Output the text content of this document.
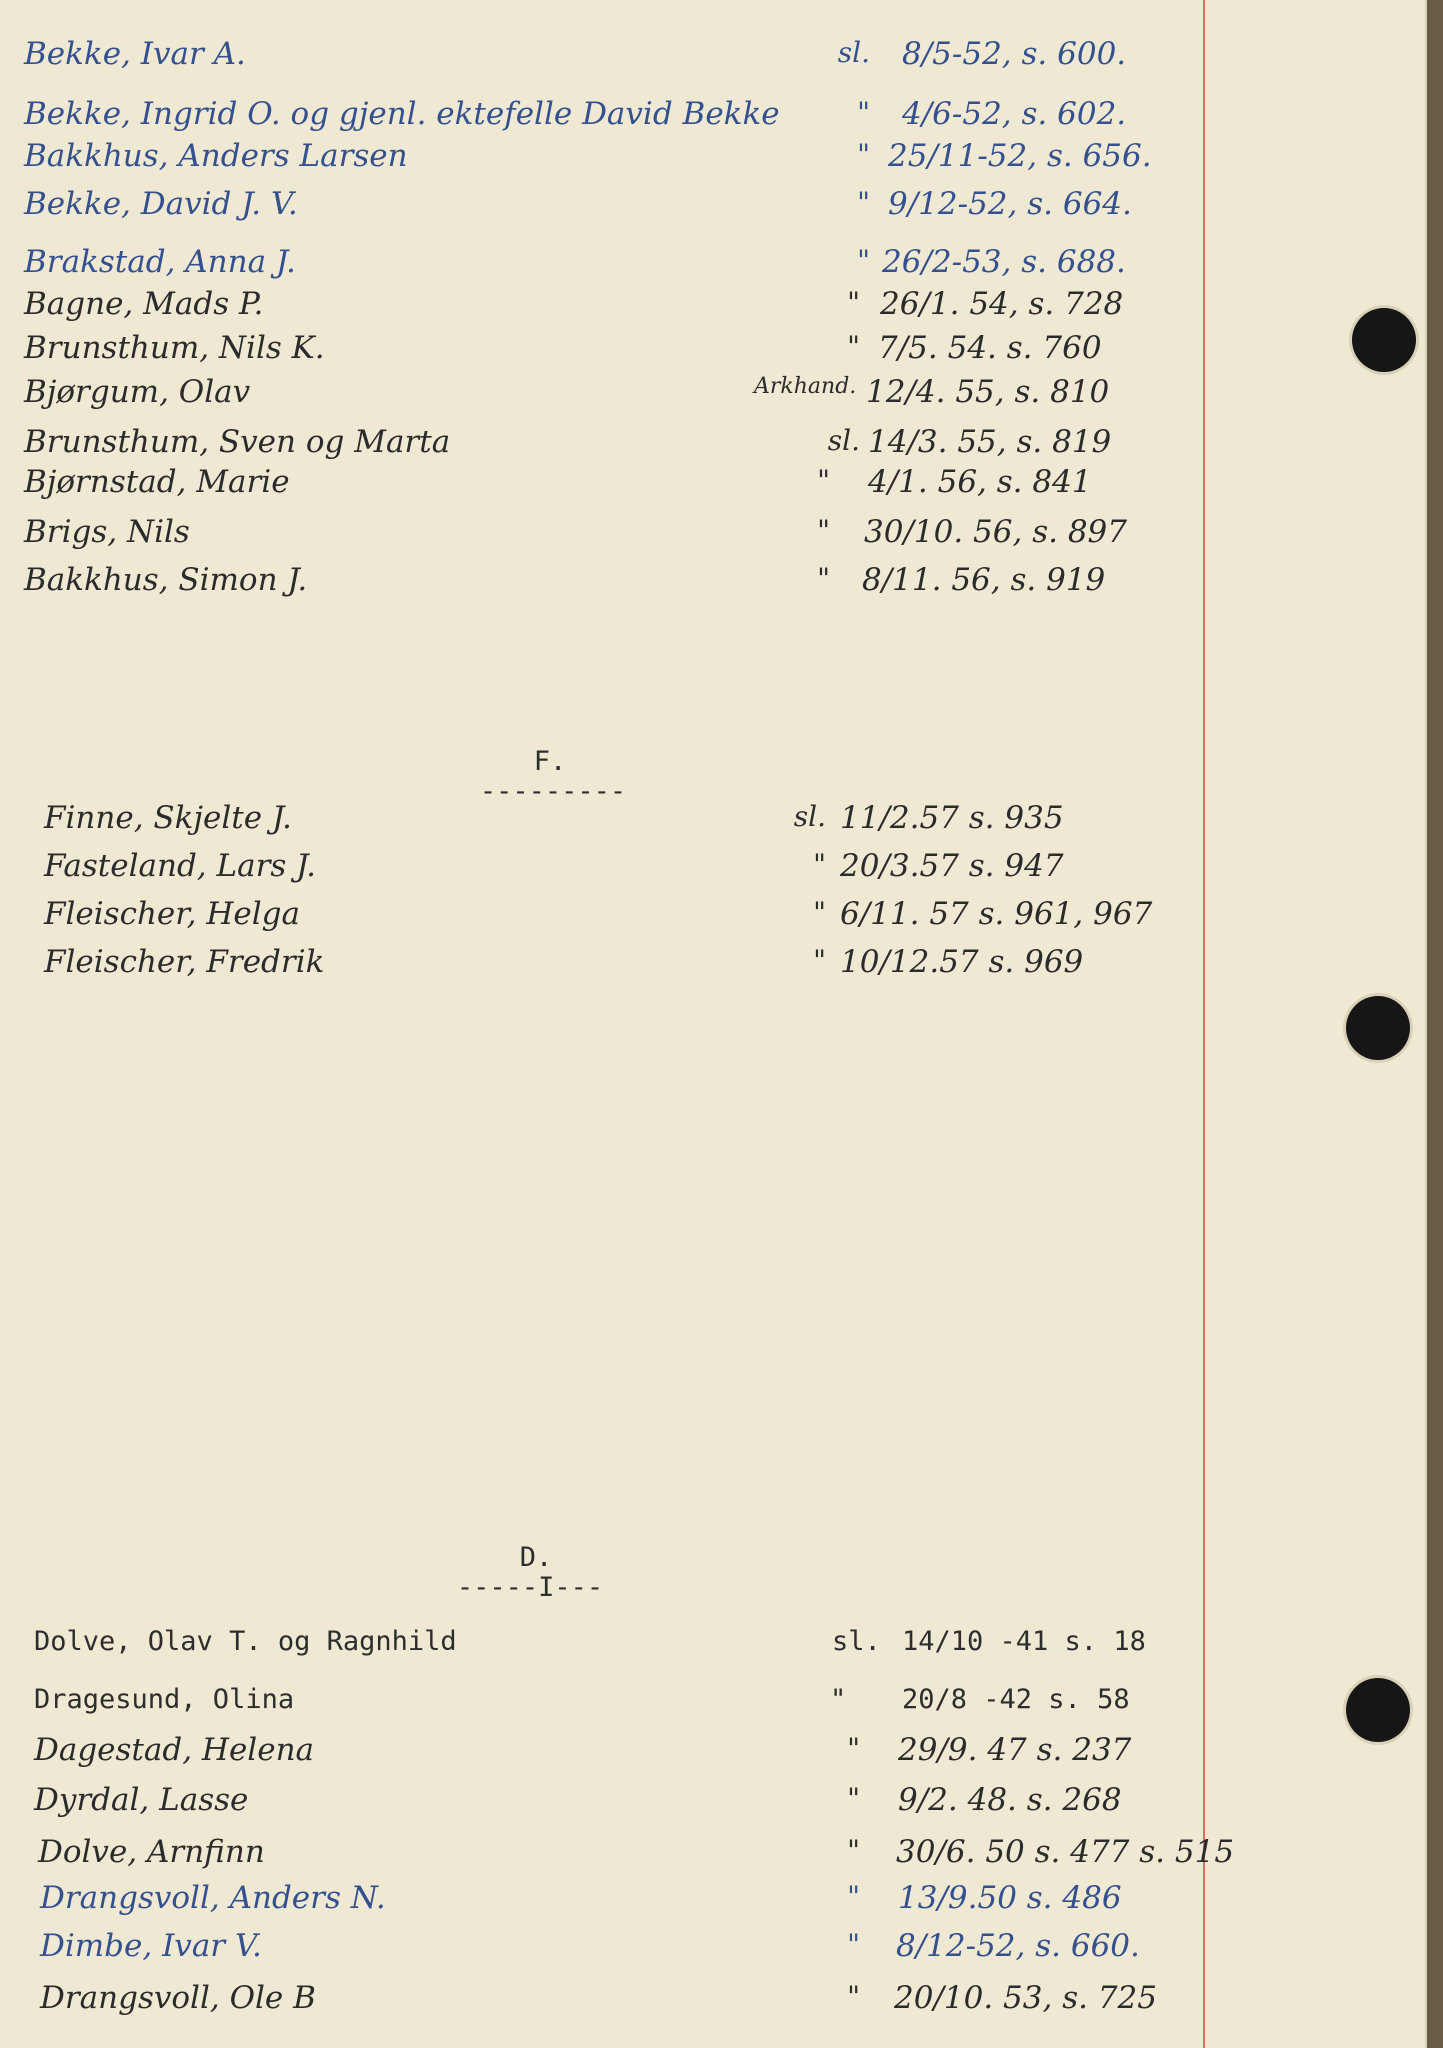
Bekke, Ivar A.	sl. 8/5-52, s. 600.
Bekke, Ingrid O. og gjenl. ektefelle David Bekke	" 4/6-52, s. 602.
Bakkhus, Anders Larsen	" 25/11-52, s. 656.
Bekke, David J. V.	" 9/12-52, s. 664.
Brakstad, Anna J.	" 26/2-53, s. 688.
Bagne, Mads P.	" 26/1. 54, s. 728
Brunsthum, Nils K.	" 7/5. 54. s. 760
Bjørgum, Olav	Arkhand. 12/4. 55, s. 810
Brunsthum, Sven og Marta	sl. 14/3. 55, s. 819
Bjørnstad, Marie	" 4/1. 56, s. 841
Brigs, Nils	" 30/10. 56, s. 897
Bakkhus, Simon J.	" 8/11. 56, s. 919
F.
---------
Finne, Skjelte J.	sl. 11/2.57 s. 935
Fasteland, Lars J.	" 20/3.57 s. 947
Fleischer, Helga	" 6/11. 57 s. 961, 967
Fleischer, Fredrik	" 10/12.57 s. 969
D.
-----I---
Dolve, Olav T. og Ragnhild	sl. 14/10 -41 s. 18
Dragesund, Olina	" 20/8 -42 s. 58
Dagestad, Helena	" 29/9. 47 s. 237
Dyrdal, Lasse	" 9/2. 48. s. 268
Dolve, Arnfinn	" 30/6. 50 s. 477 s. 515
Drangsvoll, Anders N.	" 13/9.50 s. 486
Dimbe, Ivar V.	" 8/12-52, s. 660.
Drangsvoll, Ole B	" 20/10. 53, s. 725
